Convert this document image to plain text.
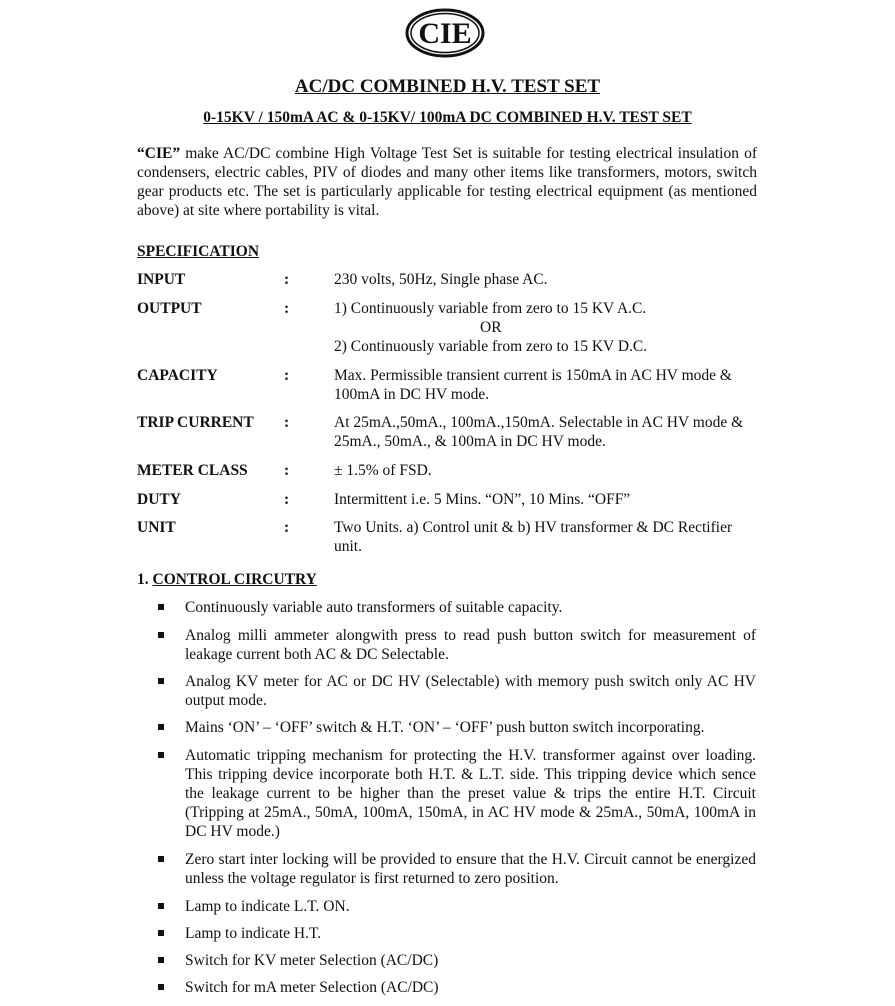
CIE
AC/DC COMBINED H.V. TEST SET
0-15KV / 150mA AC & 0-15KV/ 100mA DC COMBINED H.V. TEST SET
“CIE” make AC/DC combine High Voltage Test Set is suitable for testing electrical insulation of condensers, electric cables, PIV of diodes and many other items like transformers, motors, switch gear products etc. The set is particularly applicable for testing electrical equipment (as mentioned above) at site where portability is vital.
SPECIFICATION
INPUT	:	230 volts, 50Hz, Single phase AC.
OUTPUT	:	1) Continuously variable from zero to 15 KV A.C.
OR
2) Continuously variable from zero to 15 KV D.C.
CAPACITY	:	Max. Permissible transient current is 150mA in AC HV mode & 100mA in DC HV mode.
TRIP CURRENT :	At 25mA.,50mA., 100mA.,150mA. Selectable in AC HV mode & 25mA., 50mA., & 100mA in DC HV mode.
METER CLASS :	± 1.5% of FSD.
DUTY	:	Intermittent i.e. 5 Mins. “ON”, 10 Mins. “OFF”
UNIT	:	Two Units. a) Control unit & b) HV transformer & DC Rectifier unit.
1. CONTROL CIRCUTRY
Continuously variable auto transformers of suitable capacity.
Analog milli ammeter alongwith press to read push button switch for measurement of leakage current both AC & DC Selectable.
Analog KV meter for AC or DC HV (Selectable) with memory push switch only AC HV output mode.
Mains ‘ON’ – ‘OFF’ switch & H.T. ‘ON’ – ‘OFF’ push button switch incorporating.
Automatic tripping mechanism for protecting the H.V. transformer against over loading. This tripping device incorporate both H.T. & L.T. side. This tripping device which sence the leakage current to be higher than the preset value & trips the entire H.T. Circuit (Tripping at 25mA., 50mA, 100mA, 150mA, in AC HV mode & 25mA., 50mA, 100mA in DC HV mode.)
Zero start inter locking will be provided to ensure that the H.V. Circuit cannot be energized unless the voltage regulator is first returned to zero position.
Lamp to indicate L.T. ON.
Lamp to indicate H.T.
Switch for KV meter Selection (AC/DC)
Switch for mA meter Selection (AC/DC)
